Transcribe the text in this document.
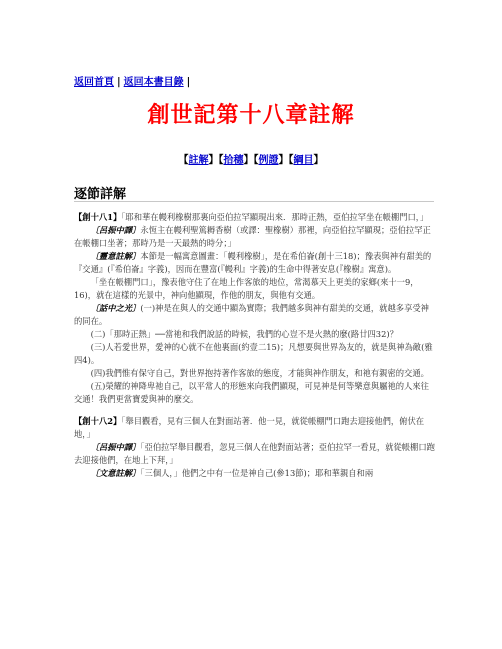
返回首頁 | 返回本書目錄 |
創世記第十八章註解
【註解】【拾穗】【例證】【綱目】
逐節詳解

【創十八1】「耶和華在幔利橡樹那裏向亞伯拉罕顯現出來．那時正熱，亞伯拉罕坐在帳棚門口，」

〔呂振中譯〕永恆主在幔利聖篤耨香樹（或譯：聖橡樹）那裡，向亞伯拉罕顯現；亞伯拉罕正在帳棚口坐著；那時乃是一天最熱的時分；」

〔靈意註解〕本節是一幅寓意圖畫：「幔利橡樹」，是在希伯崙(創十三18)；豫表與神有甜美的『交通』(『希伯崙』字義)，因而在豐富(『幔利』字義)的生命中得著安息(『橡樹』寓意)。

「坐在帳棚門口」，豫表他守住了在地上作客旅的地位，常渴慕天上更美的家鄉(來十一9，16)，就在這樣的光景中，神向他顯現，作他的朋友，與他有交通。

〔話中之光〕(一)神是在與人的交通中顯為實際；我們越多與神有甜美的交通，就越多享受神的同在。

(二)「那時正熱」──當祂和我們說話的時候，我們的心豈不是火熱的麼(路廿四32)？

(三)人若愛世界，愛神的心就不在他裏面(約壹二15)；凡想要與世界為友的，就是與神為敵(雅四4)。

(四)我們惟有保守自己，對世界抱持著作客旅的態度，才能與神作朋友，和祂有親密的交通。

(五)榮耀的神降卑祂自己，以平常人的形態來向我們顯現，可見神是何等樂意與屬祂的人來往交通！我們更當寶愛與神的麼交。

【創十八2】「舉目觀看，見有三個人在對面站著．他一見，就從帳棚門口跑去迎接他們，俯伏在地，」

〔呂振中譯〕「亞伯拉罕舉目觀看，忽見三個人在他對面站著；亞伯拉罕一看見，就從帳棚口跑去迎接他們，在地上下拜，」

〔文意註解〕「三個人，」他們之中有一位是神自己(參13節)；耶和華親自和兩
